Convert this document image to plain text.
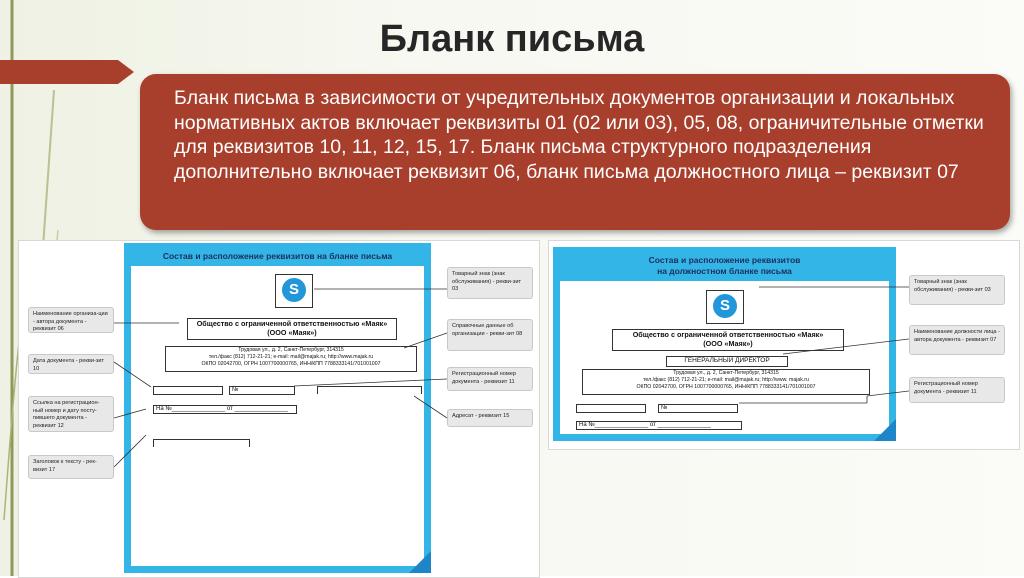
Бланк письма
Бланк письма в зависимости от учредительных документов организации и локальных нормативных актов включает реквизиты 01 (02 или 03), 05, 08, ограничительные отметки для реквизитов 10, 11, 12, 15, 17. Бланк письма структурного подразделения дополнительно включает реквизит 06, бланк письма должностного лица – реквизит 07
Состав и расположение реквизитов на бланке письма
S
Общество с ограниченной ответственностью «Маяк»
(ООО «Маяк»)
Трудовая ул., д. 2, Санкт-Петербург, 314315
тел./факс (812) 712-21-21; e-mail: mail@majak.ru; http://www.majak.ru
ОКПО 02042700, ОГРН 1007700000765, ИНН/КПП 7788333141/701001007
№
На №________________ от ________________
Наименование организа-ции - автора документа - реквизит 06
Дата документа - рекви-зит 10
Ссылка на регистрацион-ный номер и дату посту-пившего документа - реквизит 12
Заголовок к тексту - рек-визит 17
Товарный знак (знак обслуживания) - рекви-зит 03
Справочные данные об организации - рекви-зит 08
Регистрационный номер документа - реквизит 11
Адресат - реквизит 15
Состав и расположение реквизитов
на должностном бланке письма
S
Общество с ограниченной ответственностью «Маяк»
(ООО «Маяк»)
ГЕНЕРАЛЬНЫЙ ДИРЕКТОР
Трудовая ул., д. 2, Санкт-Петербург, 314315
тел./факс (812) 712-21-21; e-mail: mail@majak.ru; http://www. majak.ru
ОКПО 02042700, ОГРН 1007700000765, ИНН/КПП 7788333141/701001007
№
На №________________ от ________________
Товарный знак (знак обслуживания) - рекви-зит 03
Наименование должности лица - автора документа - реквизит 07
Регистрационный номер документа - реквизит 11
